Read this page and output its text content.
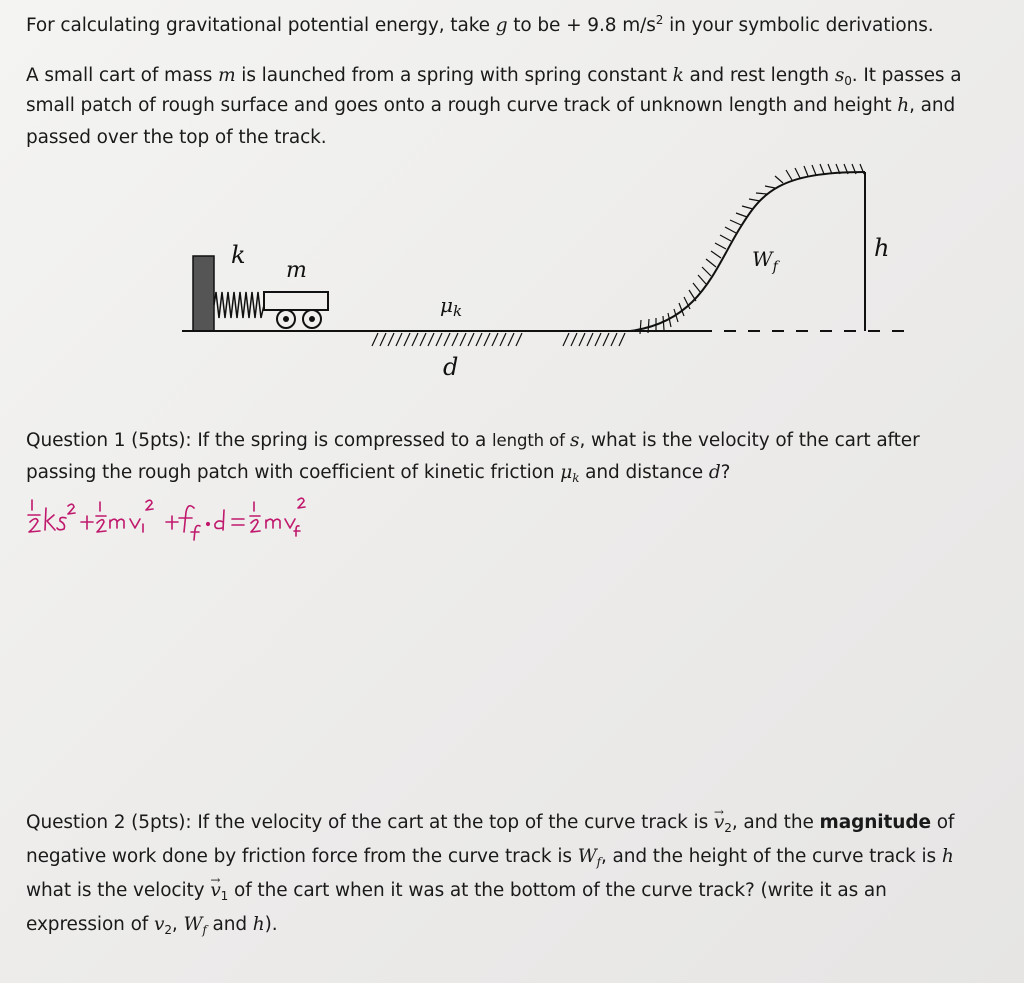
For calculating gravitational potential energy, take g to be + 9.8 $m/s^2$ in your symbolic derivations.
A small cart of mass m is launched from a spring with spring constant k and rest length $s_0$. It passes a
small patch of rough surface and goes onto a rough curve track of unknown length and height h, and
passed over the top of the track.
k
m
$\mu_k$
d
$W_f$
h
Question 1 (5pts): If the spring is compressed to a length of s, what is the velocity of the cart after
passing the rough patch with coefficient of kinetic friction $\mu_k$ and distance d?
Question 2 (5pts): If the velocity of the cart at the top of the curve track is → $v_2$, and the magnitude of
negative work done by friction force from the curve track is $W_f$, and the height of the curve track is h
what is the velocity → $v_1$ of the cart when it was at the bottom of the curve track? (write it as an
expression of $v_2$, $W_f$ and h).
